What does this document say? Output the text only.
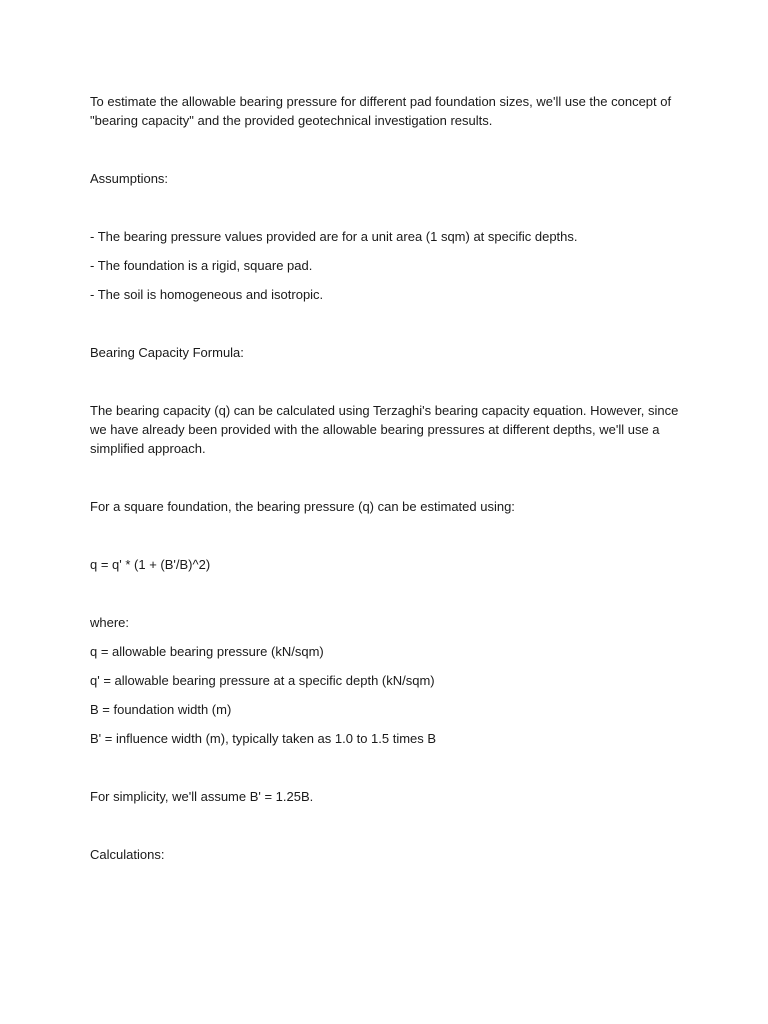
To estimate the allowable bearing pressure for different pad foundation sizes, we'll use the concept of "bearing capacity" and the provided geotechnical investigation results.

Assumptions:

- The bearing pressure values provided are for a unit area (1 sqm) at specific depths.

- The foundation is a rigid, square pad.

- The soil is homogeneous and isotropic.

Bearing Capacity Formula:

The bearing capacity (q) can be calculated using Terzaghi's bearing capacity equation. However, since we have already been provided with the allowable bearing pressures at different depths, we'll use a simplified approach.

For a square foundation, the bearing pressure (q) can be estimated using:

q = q' * (1 + (B'/B)^2)

where:

q = allowable bearing pressure (kN/sqm)

q' = allowable bearing pressure at a specific depth (kN/sqm)

B = foundation width (m)

B' = influence width (m), typically taken as 1.0 to 1.5 times B

For simplicity, we'll assume B' = 1.25B.

Calculations:
